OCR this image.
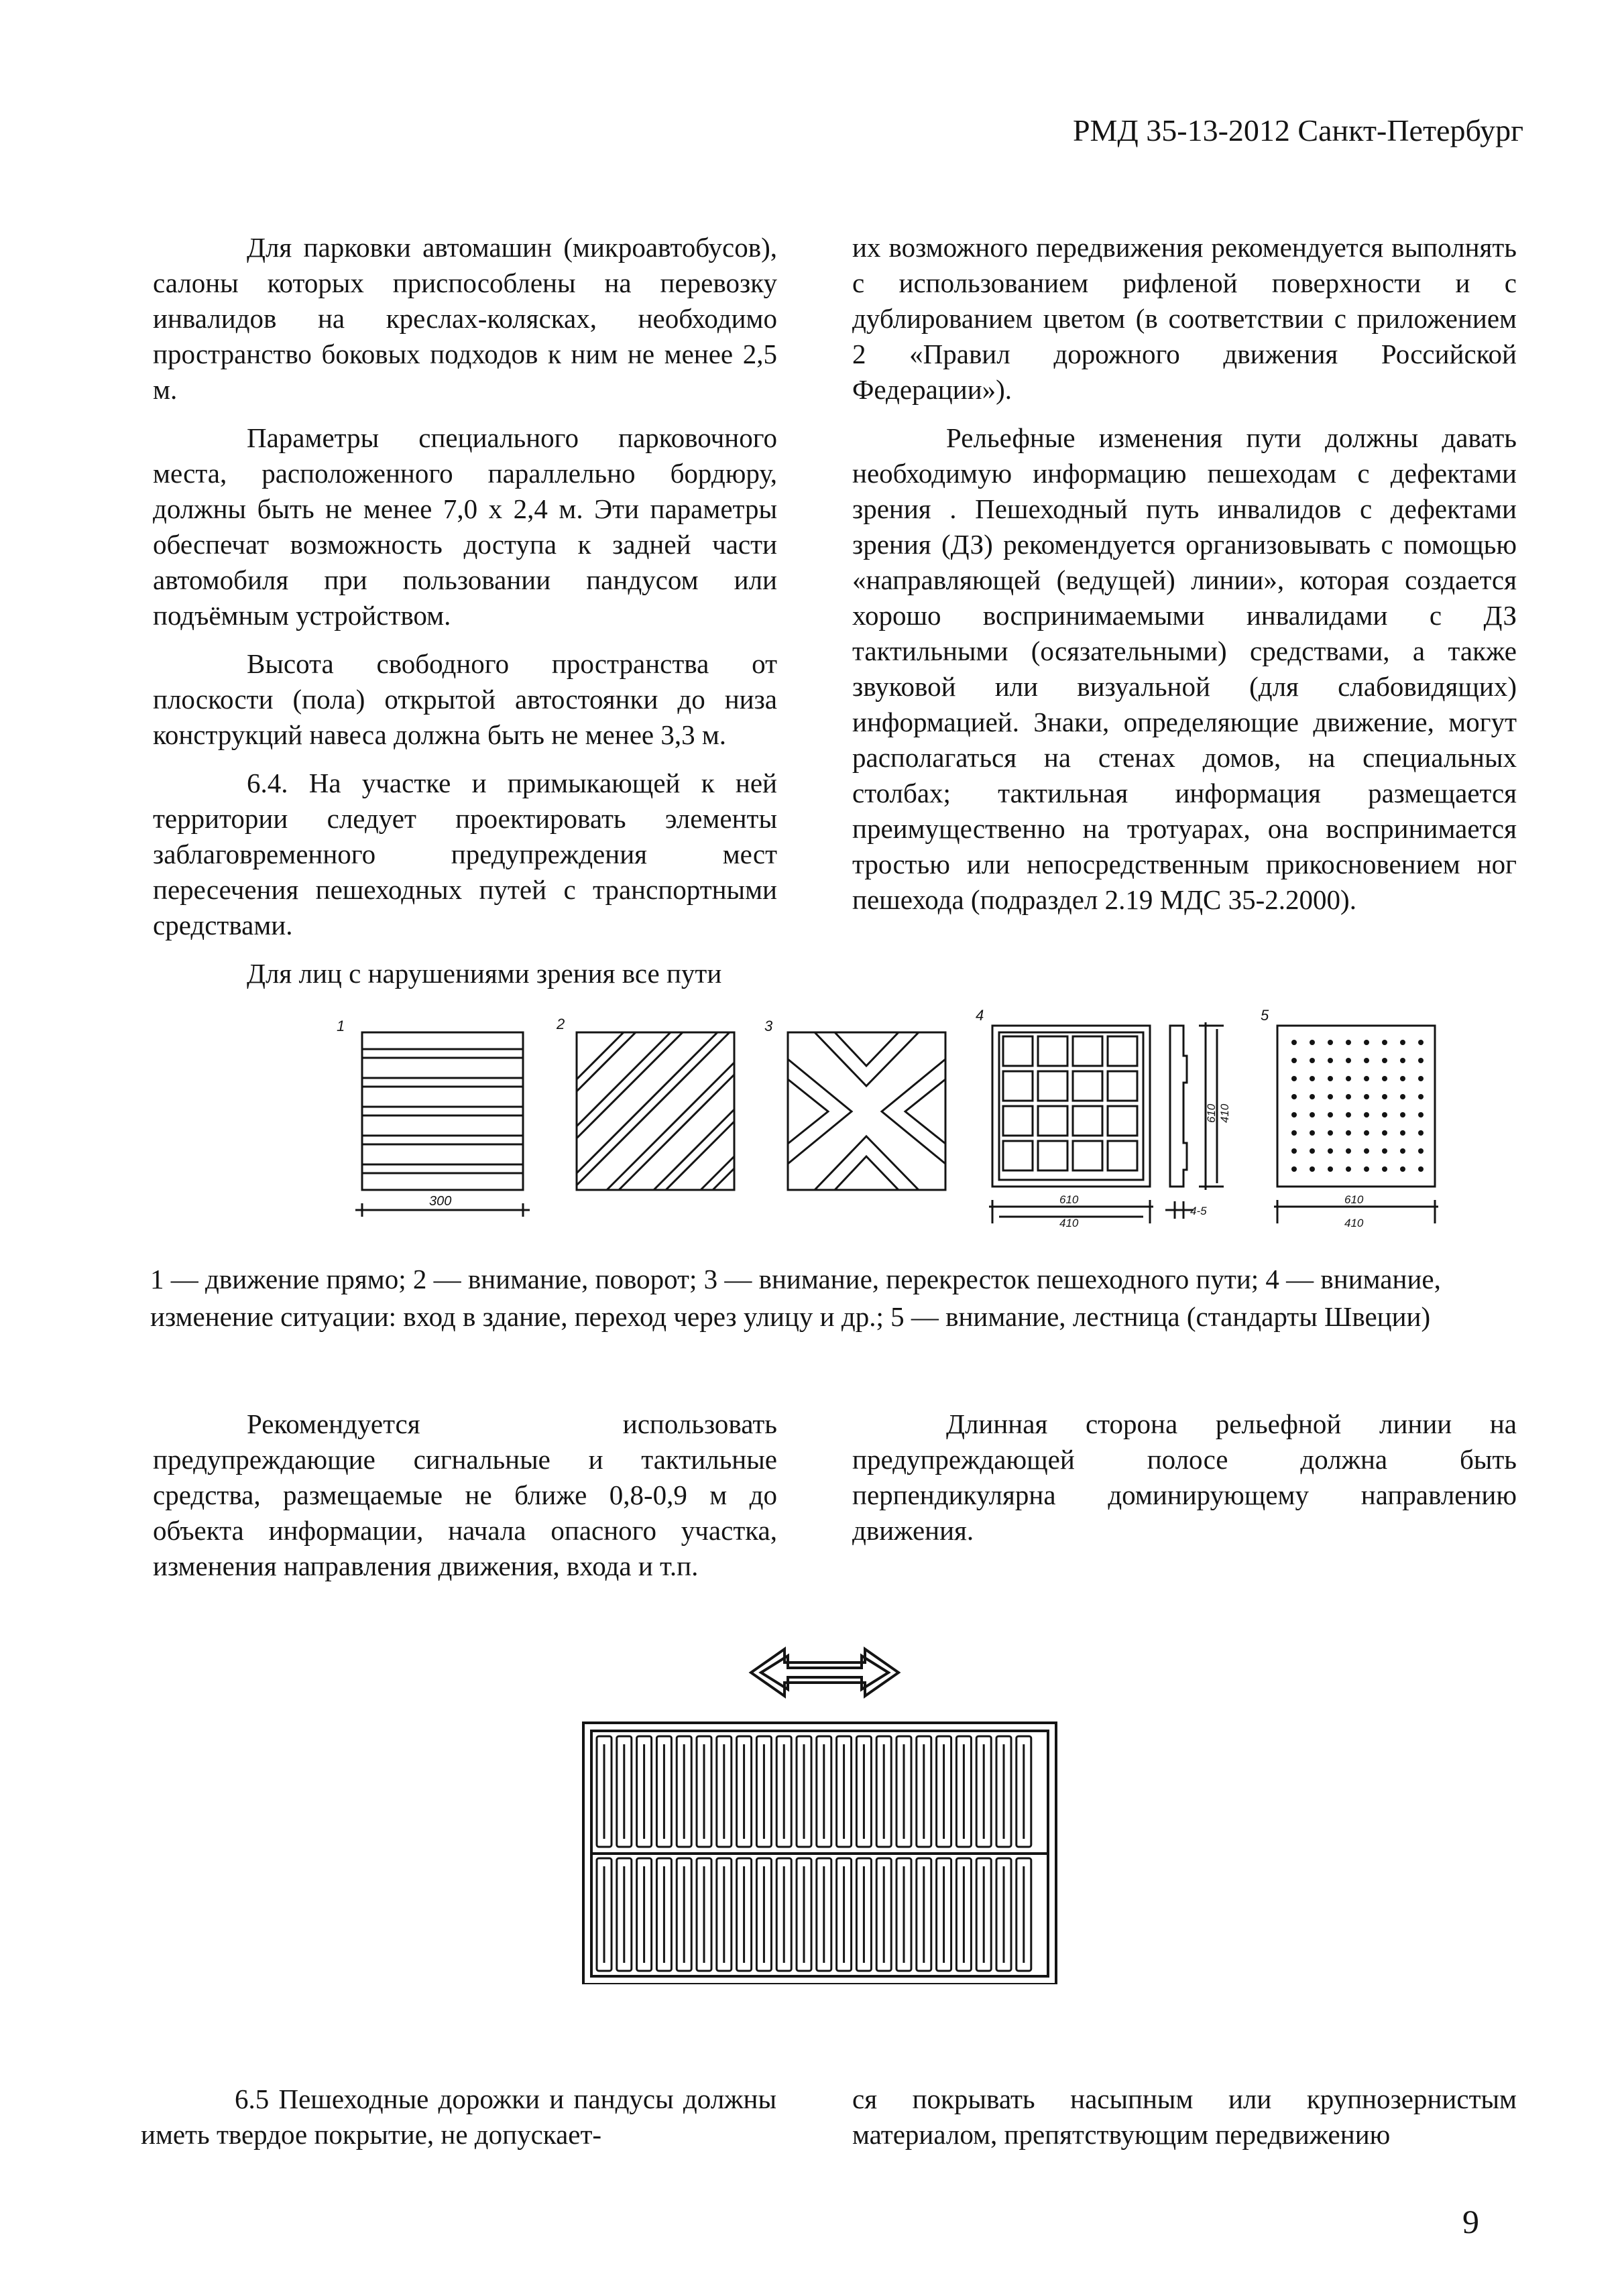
РМД 35-13-2012 Санкт-Петербург

Для парковки автомашин (микроавтобусов), салоны которых приспособлены на перевозку инвалидов на креслах-колясках, необходимо пространство боковых подходов к ним не менее 2,5 м.

Параметры специального парковочного места, расположенного параллельно бордюру, должны быть не менее 7,0 х 2,4 м. Эти параметры обеспечат возможность доступа к задней части автомобиля при пользовании пандусом или подъёмным устройством.

Высота свободного пространства от плоскости (пола) открытой автостоянки до низа конструкций навеса должна быть не менее 3,3 м.

6.4. На участке и примыкающей к ней территории следует проектировать элементы заблаговременного предупреждения мест пересечения пешеходных путей с транспортными средствами.

Для лиц с нарушениями зрения все пути

их возможного передвижения рекомендуется выполнять с использованием рифленой поверхности и с дублированием цветом (в соответствии с приложением 2 «Правил дорожного движения Российской Федерации»).

Рельефные изменения пути должны давать необходимую информацию пешеходам с дефектами зрения . Пешеходный путь инвалидов с дефектами зрения (ДЗ) рекомендуется организовывать с помощью «направляющей (ведущей) линии», которая создается хорошо воспринимаемыми инвалидами с ДЗ тактильными (осязательными) средствами, а также звуковой или визуальной (для слабовидящих) информацией. Знаки, определяющие движение, могут располагаться на стенах домов, на специальных столбах; тактильная информация размещается преимущественно на тротуарах, она воспринимается тростью или непосредственным прикосновением ног пешехода (подраздел 2.19 МДС 35-2.2000).

1	2	3
4	5
300	610
410
4-5
610
410
610 410
1 — движение прямо; 2 — внимание, поворот; 3 — внимание, перекресток пешеходного пути; 4 — внимание, изменение ситуации: вход в здание, переход через улицу и др.; 5 — внимание, лестница (стандарты Швеции)

Рекомендуется использовать предупреждающие сигнальные и тактильные средства, размещаемые не ближе 0,8-0,9 м до объекта информации, начала опасного участка, изменения направления движения, входа и т.п.

Длинная сторона рельефной линии на предупреждающей полосе должна быть перпендикулярна доминирующему направлению движения.

6.5 Пешеходные дорожки и пандусы должны иметь твердое покрытие, не допускает-

ся покрывать насыпным или крупнозернистым материалом, препятствующим передвижению

9
